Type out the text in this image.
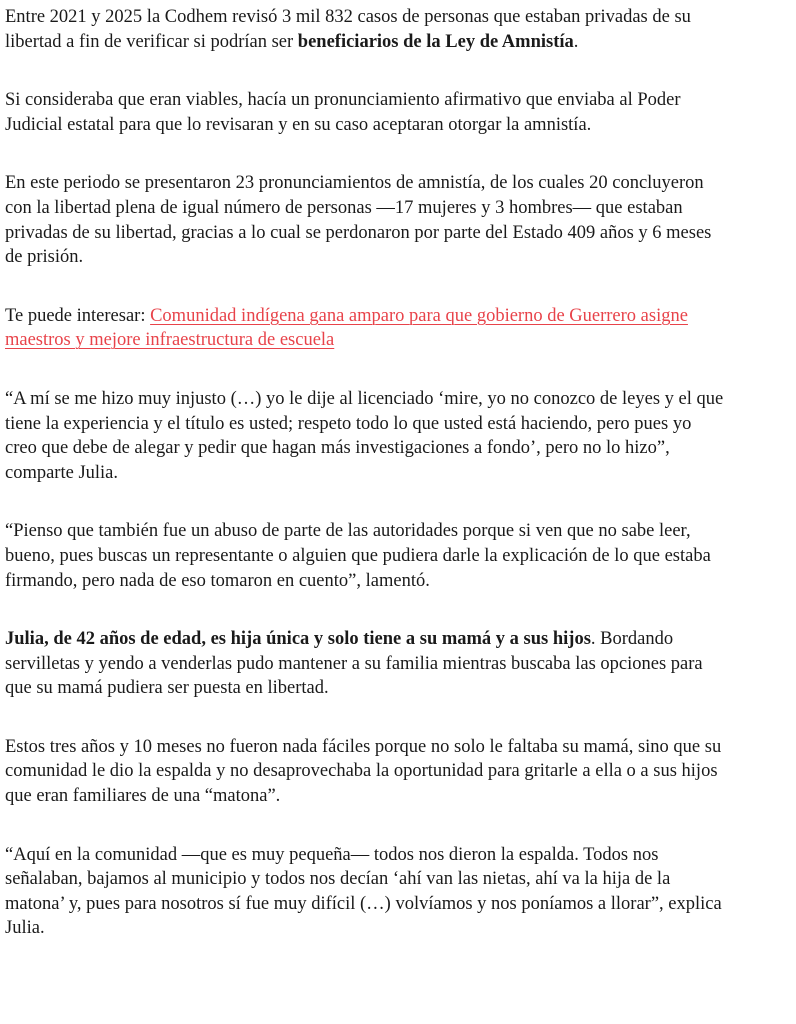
Entre 2021 y 2025 la Codhem revisó 3 mil 832 casos de personas que estaban privadas de su libertad a fin de verificar si podrían ser beneficiarios de la Ley de Amnistía.

Si consideraba que eran viables, hacía un pronunciamiento afirmativo que enviaba al Poder Judicial estatal para que lo revisaran y en su caso aceptaran otorgar la amnistía.

En este periodo se presentaron 23 pronunciamientos de amnistía, de los cuales 20 concluyeron con la libertad plena de igual número de personas —17 mujeres y 3 hombres— que estaban privadas de su libertad, gracias a lo cual se perdonaron por parte del Estado 409 años y 6 meses de prisión.

Te puede interesar: Comunidad indígena gana amparo para que gobierno de Guerrero asigne maestros y mejore infraestructura de escuela

“A mí se me hizo muy injusto (…) yo le dije al licenciado ‘mire, yo no conozco de leyes y el que tiene la experiencia y el título es usted; respeto todo lo que usted está haciendo, pero pues yo creo que debe de alegar y pedir que hagan más investigaciones a fondo’, pero no lo hizo”, comparte Julia.

“Pienso que también fue un abuso de parte de las autoridades porque si ven que no sabe leer, bueno, pues buscas un representante o alguien que pudiera darle la explicación de lo que estaba firmando, pero nada de eso tomaron en cuento”, lamentó.

Julia, de 42 años de edad, es hija única y solo tiene a su mamá y a sus hijos. Bordando servilletas y yendo a venderlas pudo mantener a su familia mientras buscaba las opciones para que su mamá pudiera ser puesta en libertad.

Estos tres años y 10 meses no fueron nada fáciles porque no solo le faltaba su mamá, sino que su comunidad le dio la espalda y no desaprovechaba la oportunidad para gritarle a ella o a sus hijos que eran familiares de una “matona”.

“Aquí en la comunidad —que es muy pequeña— todos nos dieron la espalda. Todos nos señalaban, bajamos al municipio y todos nos decían ‘ahí van las nietas, ahí va la hija de la matona’ y, pues para nosotros sí fue muy difícil (…) volvíamos y nos poníamos a llorar”, explica Julia.
